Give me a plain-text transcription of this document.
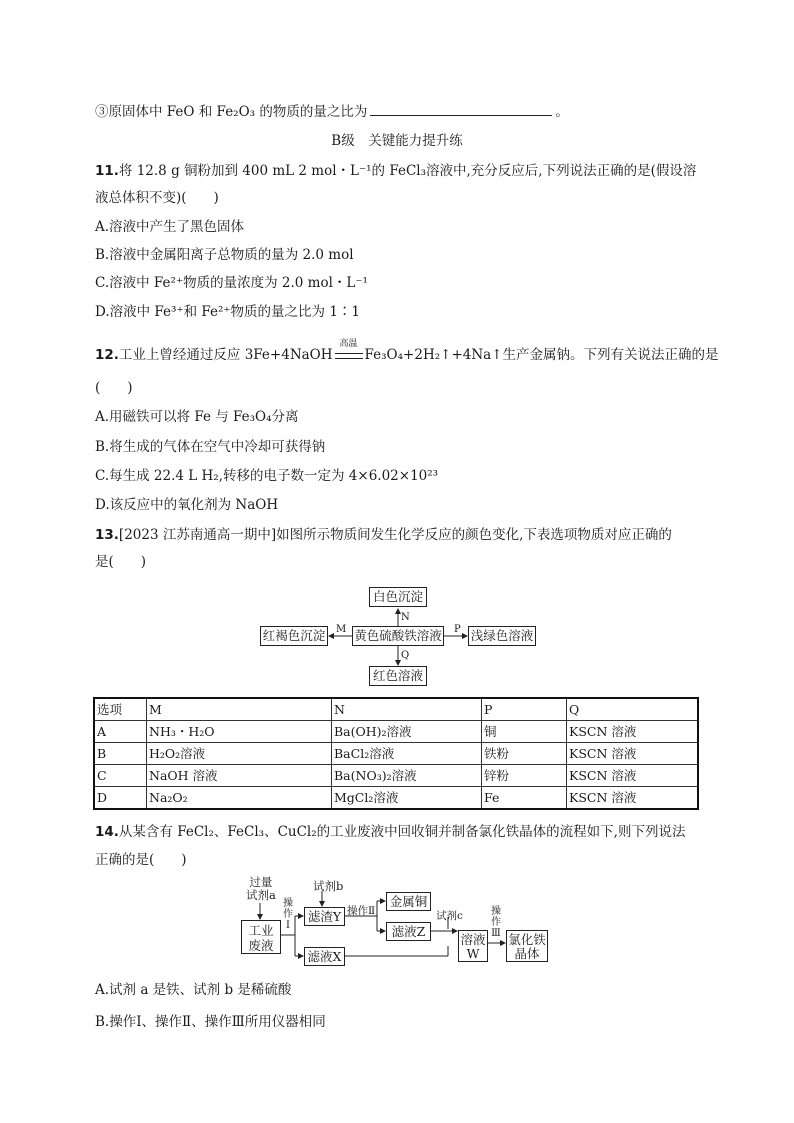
③原固体中 FeO 和 Fe₂O₃ 的物质的量之比为	。
B级　关键能力提升练
11.将 12.8 g 铜粉加到 400 mL 2 mol・L⁻¹的 FeCl₃溶液中,充分反应后,下列说法正确的是(假设溶
液总体积不变)(　　)
A.溶液中产生了黑色固体
B.溶液中金属阳离子总物质的量为 2.0 mol
C.溶液中 Fe²⁺物质的量浓度为 2.0 mol・L⁻¹
D.溶液中 Fe³⁺和 Fe²⁺物质的量之比为 1∶1
12.工业上曾经通过反应 3Fe+4NaOH
高温
Fe₃O₄+2H₂↑+4Na↑生产金属钠。下列有关说法正确的是
(　　)
A.用磁铁可以将 Fe 与 Fe₃O₄分离
B.将生成的气体在空气中冷却可获得钠
C.每生成 22.4 L H₂,转移的电子数一定为 4×6.02×10²³
D.该反应中的氧化剂为 NaOH
13.[2023 江苏南通高一期中]如图所示物质间发生化学反应的颜色变化,下表选项物质对应正确的
是(　　)
白色沉淀
黄色硫酸铁溶液
红褐色沉淀	浅绿色溶液
红色溶液
N
M	P
Q
选项	M	N	P	Q
A	NH₃・H₂O	Ba(OH)₂溶液	铜	KSCN 溶液
B	H₂O₂溶液	BaCl₂溶液	铁粉	KSCN 溶液
C	NaOH 溶液	Ba(NO₃)₂溶液	锌粉	KSCN 溶液
D	Na₂O₂	MgCl₂溶液	Fe	KSCN 溶液
14.从某含有 FeCl₂、FeCl₃、CuCl₂的工业废液中回收铜并制备氯化铁晶体的流程如下,则下列说法
正确的是(　　)
过量
试剂a
工业
废液
操
作
Ⅰ
试剂b
滤渣Y
滤液X
操作Ⅱ
金属铜
滤液Z
试剂c
溶液
W
操
作
Ⅲ 氯化铁
晶体
A.试剂 a 是铁、试剂 b 是稀硫酸
B.操作Ⅰ、操作Ⅱ、操作Ⅲ所用仪器相同
